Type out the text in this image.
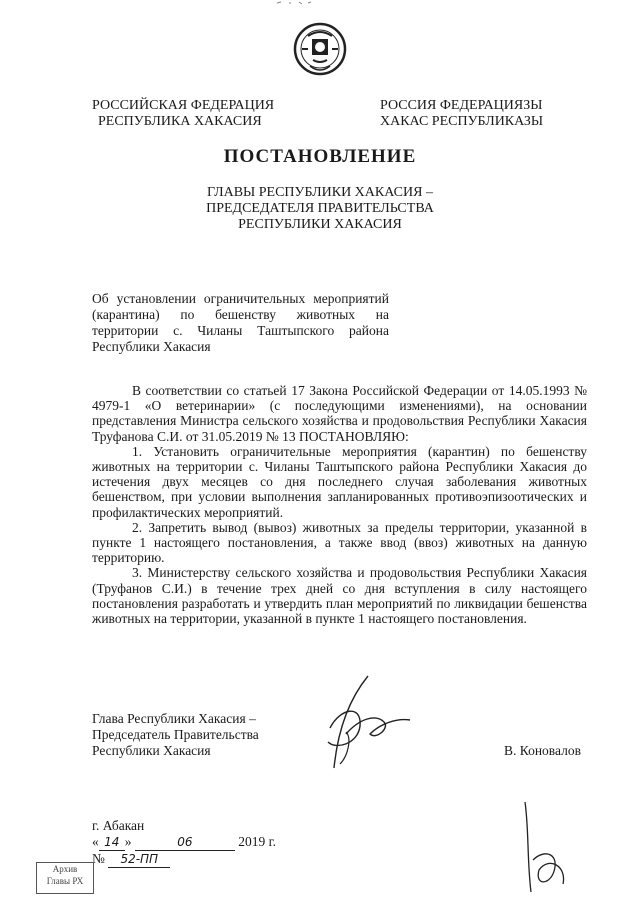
РОССИЙСКАЯ ФЕДЕРАЦИЯ
РЕСПУБЛИКА ХАКАСИЯ
РОССИЯ ФЕДЕРАЦИЯЗЫ
ХАКАС РЕСПУБЛИКАЗЫ
ПОСТАНОВЛЕНИЕ
ГЛАВЫ РЕСПУБЛИКИ ХАКАСИЯ –
ПРЕДСЕДАТЕЛЯ ПРАВИТЕЛЬСТВА
РЕСПУБЛИКИ ХАКАСИЯ
Об установлении ограничительных мероприятий (карантина) по бешенству животных на территории с. Чиланы Таштыпского района Республики Хакасия

В соответствии со статьей 17 Закона Российской Федерации от 14.05.1993 № 4979-1 «О ветеринарии» (с последующими изменениями), на основании представления Министра сельского хозяйства и продовольствия Республики Хакасия Труфанова С.И. от 31.05.2019 № 13 ПОСТАНОВЛЯЮ:

1. Установить ограничительные мероприятия (карантин) по бешенству животных на территории с. Чиланы Таштыпского района Республики Хакасия до истечения двух месяцев со дня последнего случая заболевания животных бешенством, при условии выполнения запланированных противоэпизоотических и профилактических мероприятий.

2. Запретить вывод (вывоз) животных за пределы территории, указанной в пункте 1 настоящего постановления, а также ввод (ввоз) животных на данную территорию.

3. Министерству сельского хозяйства и продовольствия Республики Хакасия (Труфанов С.И.) в течение трех дней со дня вступления в силу настоящего постановления разработать и утвердить план мероприятий по ликвидации бешенства животных на территории, указанной в пункте 1 настоящего постановления.

Глава Республики Хакасия –
Председатель Правительства
Республики Хакасия	В. Коновалов
г. Абакан
« 14 »	06	2019 г.
№ 52-ПП
Архив
Главы РХ
